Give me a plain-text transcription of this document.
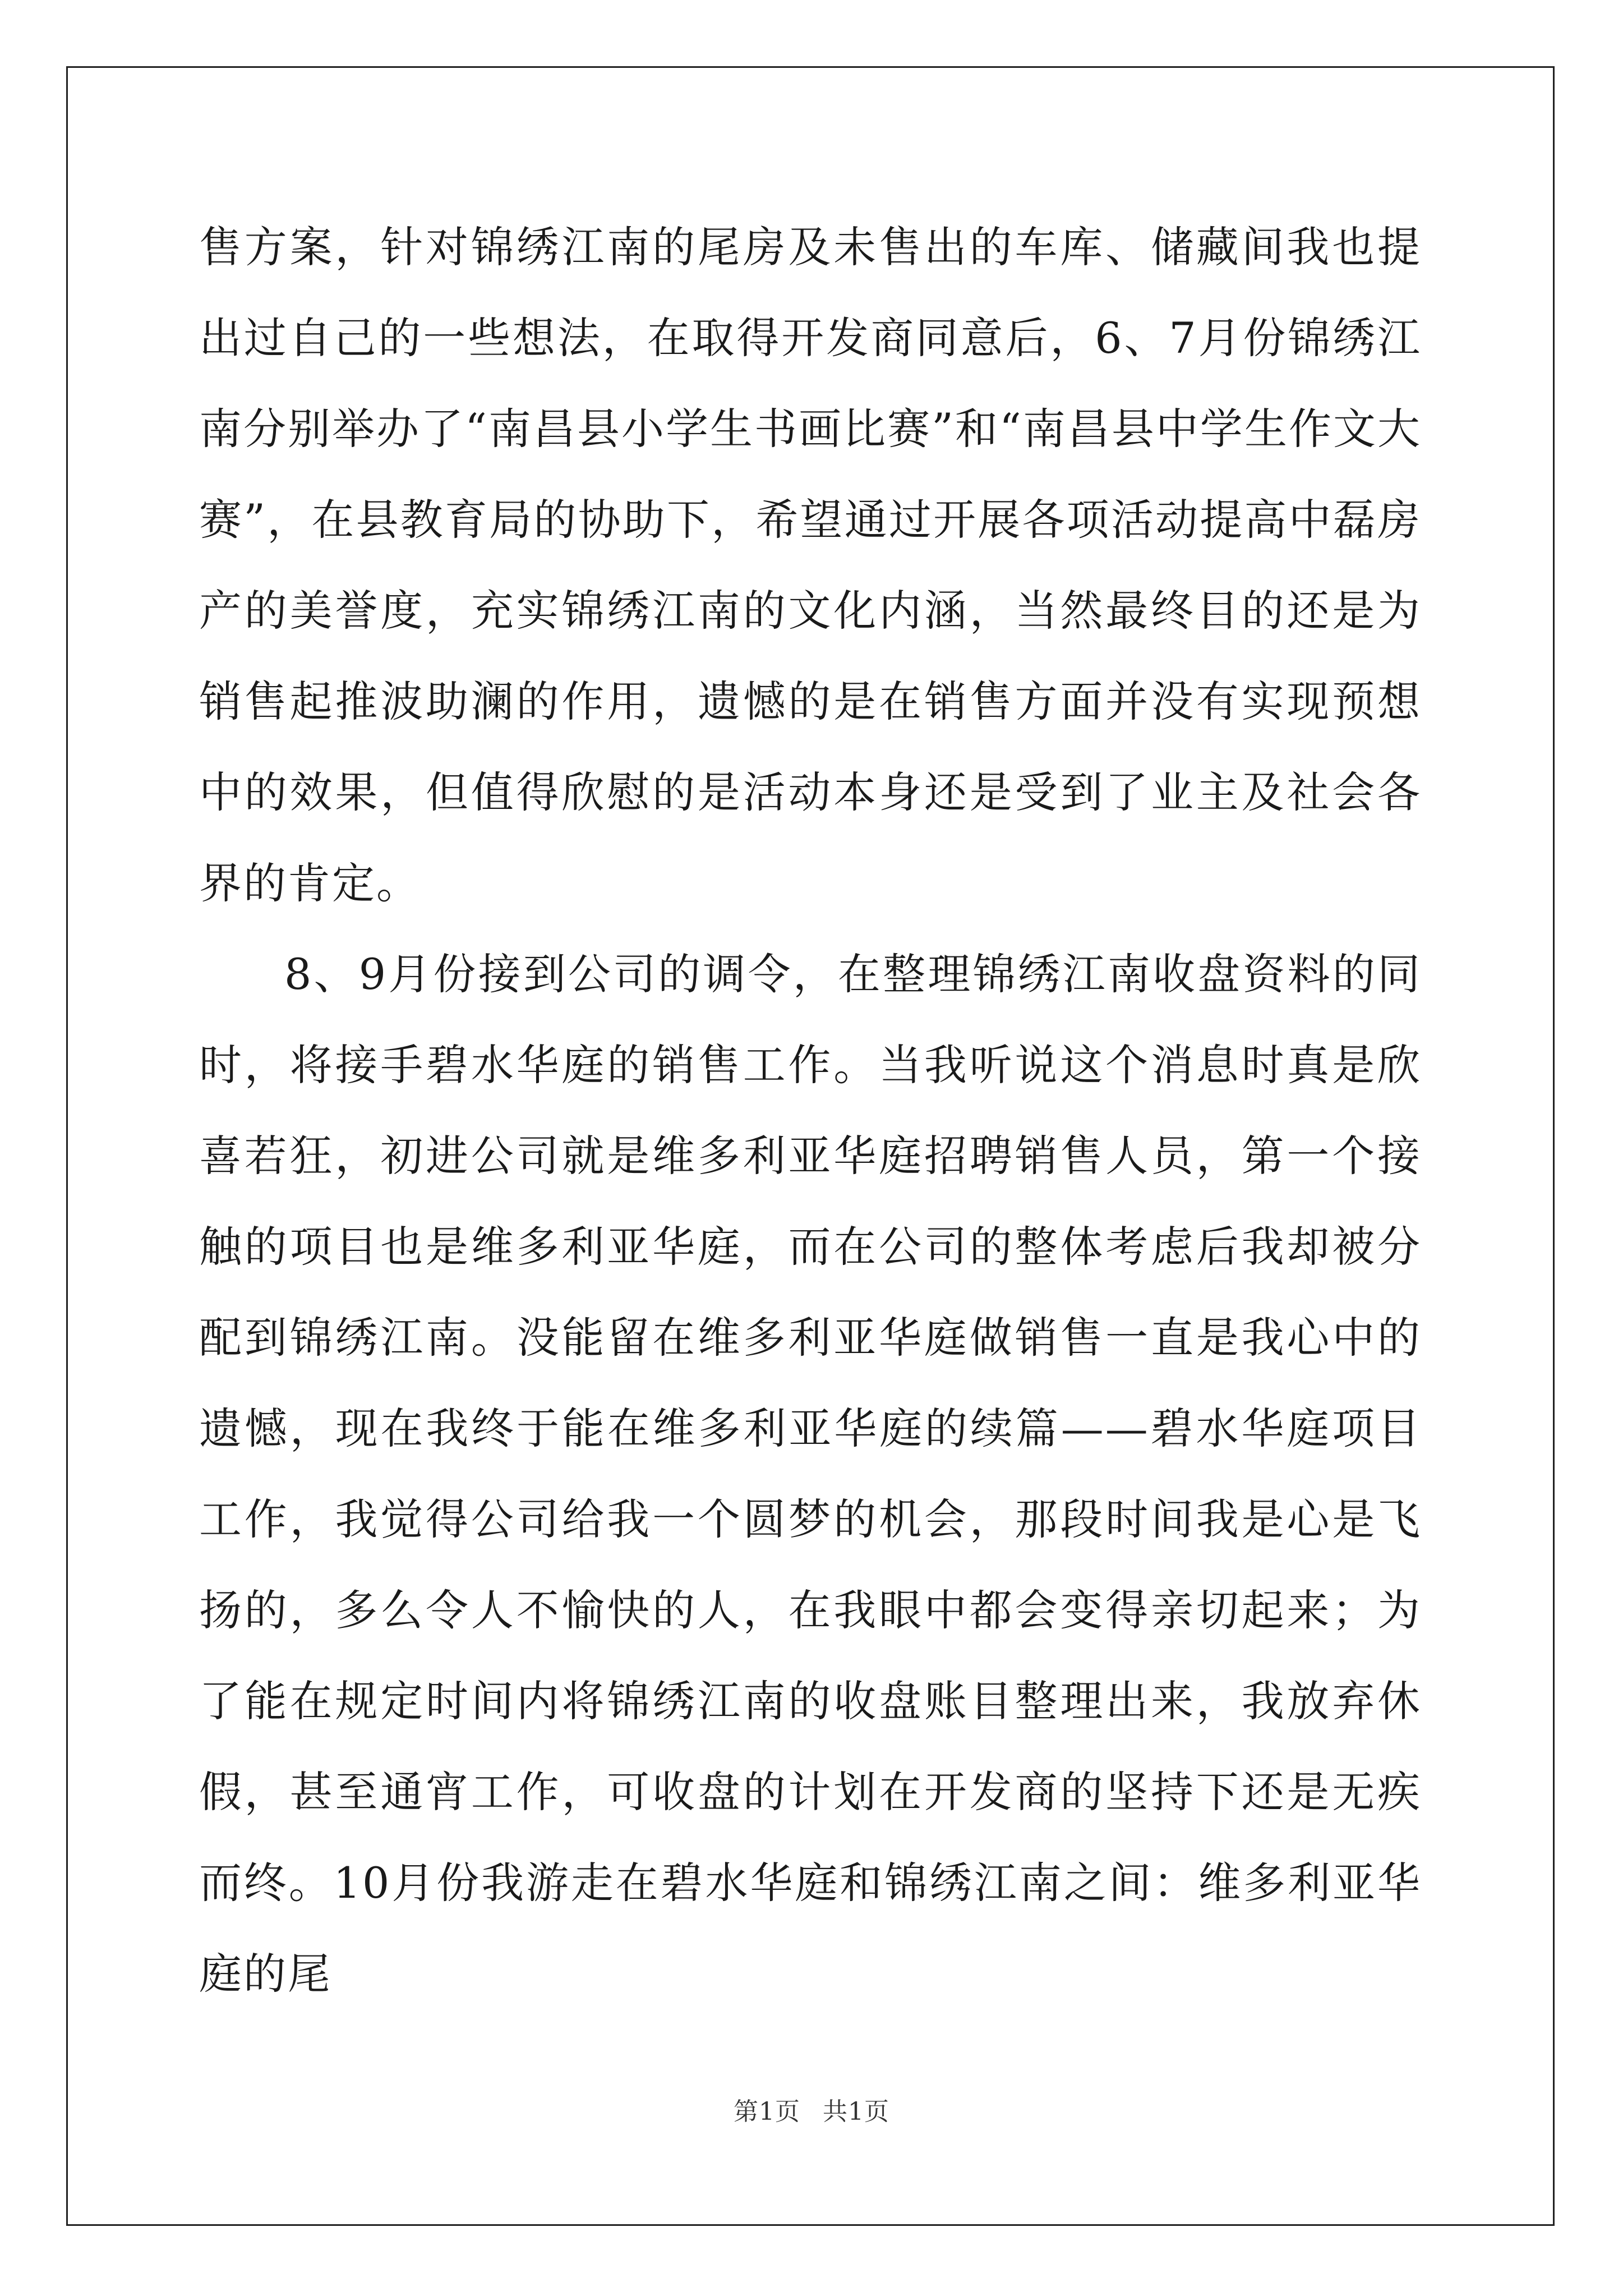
售方案，针对锦绣江南的尾房及未售出的车库、储藏间我也提出过自己的一些想法，在取得开发商同意后，6、7月份锦绣江南分别举办了“南昌县小学生书画比赛”和“南昌县中学生作文大赛”，在县教育局的协助下，希望通过开展各项活动提高中磊房产的美誉度，充实锦绣江南的文化内涵，当然最终目的还是为销售起推波助澜的作用，遗憾的是在销售方面并没有实现预想中的效果，但值得欣慰的是活动本身还是受到了业主及社会各界的肯定。

8、9月份接到公司的调令，在整理锦绣江南收盘资料的同时，将接手碧水华庭的销售工作。当我听说这个消息时真是欣喜若狂，初进公司就是维多利亚华庭招聘销售人员，第一个接触的项目也是维多利亚华庭，而在公司的整体考虑后我却被分配到锦绣江南。没能留在维多利亚华庭做销售一直是我心中的遗憾，现在我终于能在维多利亚华庭的续篇——碧水华庭项目工作，我觉得公司给我一个圆梦的机会，那段时间我是心是飞扬的，多么令人不愉快的人，在我眼中都会变得亲切起来；为了能在规定时间内将锦绣江南的收盘账目整理出来，我放弃休假，甚至通宵工作，可收盘的计划在开发商的坚持下还是无疾而终。10月份我游走在碧水华庭和锦绣江南之间：维多利亚华庭的尾

第1页 共1页
